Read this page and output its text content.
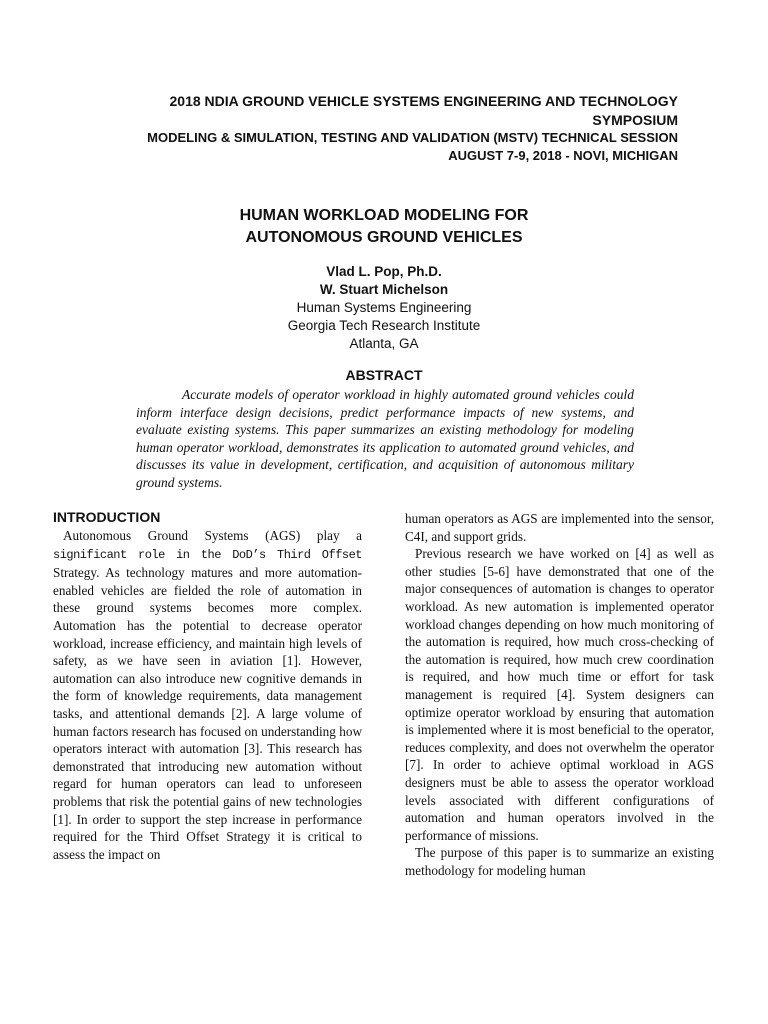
2018 NDIA GROUND VEHICLE SYSTEMS ENGINEERING AND TECHNOLOGY SYMPOSIUM
MODELING & SIMULATION, TESTING AND VALIDATION (MSTV) TECHNICAL SESSION
AUGUST 7-9, 2018 - NOVI, MICHIGAN
HUMAN WORKLOAD MODELING FOR
AUTONOMOUS GROUND VEHICLES
Vlad L. Pop, Ph.D.
W. Stuart Michelson
Human Systems Engineering
Georgia Tech Research Institute
Atlanta, GA
ABSTRACT

Accurate models of operator workload in highly automated ground vehicles could inform interface design decisions, predict performance impacts of new systems, and evaluate existing systems. This paper summarizes an existing methodology for modeling human operator workload, demonstrates its application to automated ground vehicles, and discusses its value in development, certification, and acquisition of autonomous military ground systems.

INTRODUCTION

Autonomous Ground Systems (AGS) play a significant role in the DoD’s Third Offset Strategy. As technology matures and more automation-enabled vehicles are fielded the role of automation in these ground systems becomes more complex. Automation has the potential to decrease operator workload, increase efficiency, and maintain high levels of safety, as we have seen in aviation [1]. However, automation can also introduce new cognitive demands in the form of knowledge requirements, data management tasks, and attentional demands [2]. A large volume of human factors research has focused on understanding how operators interact with automation [3]. This research has demonstrated that introducing new automation without regard for human operators can lead to unforeseen problems that risk the potential gains of new technologies [1]. In order to support the step increase in performance required for the Third Offset Strategy it is critical to assess the impact on

human operators as AGS are implemented into the sensor, C4I, and support grids.

Previous research we have worked on [4] as well as other studies [5-6] have demonstrated that one of the major consequences of automation is changes to operator workload. As new automation is implemented operator workload changes depending on how much monitoring of the automation is required, how much cross-checking of the automation is required, how much crew coordination is required, and how much time or effort for task management is required [4]. System designers can optimize operator workload by ensuring that automation is implemented where it is most beneficial to the operator, reduces complexity, and does not overwhelm the operator [7]. In order to achieve optimal workload in AGS designers must be able to assess the operator workload levels associated with different configurations of automation and human operators involved in the performance of missions.

The purpose of this paper is to summarize an existing methodology for modeling human
